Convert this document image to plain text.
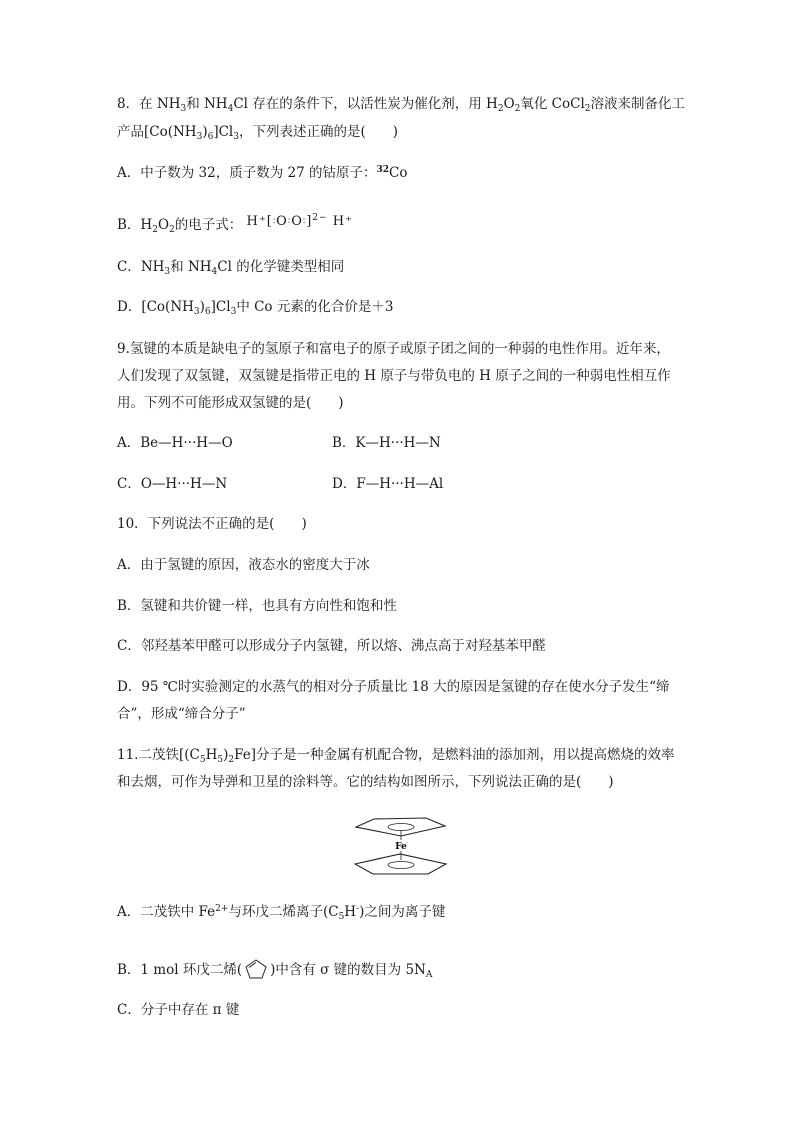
8．在 $NH_3$和 $NH_4Cl$ 存在的条件下，以活性炭为催化剂，用 $H_2O_2$氧化 CoCl$_2$溶液来制备化工
产品$[Co(NH_3)_6]Cl_3$，下列表述正确的是(　　)
A．中子数为 32，质子数为 27 的钴原子：$^{32}$Co
B．$H_2O_2$的电子式： H⁺[∶O∶O∶]$^{2-}$ H⁺
C．$NH_3$和 $NH_4Cl$ 的化学键类型相同
D．$[Co(NH_3)_6]Cl_3$中 Co 元素的化合价是＋3
9.氢键的本质是缺电子的氢原子和富电子的原子或原子团之间的一种弱的电性作用。近年来，
人们发现了双氢键，双氢键是指带正电的 H 原子与带负电的 H 原子之间的一种弱电性相互作
用。下列不可能形成双氢键的是(　　)
A．Be—H···H—O	B．K—H···H—N
C．O—H···H—N	D．F—H···H—Al
10．下列说法不正确的是(　　)
A．由于氢键的原因，液态水的密度大于冰
B．氢键和共价键一样，也具有方向性和饱和性
C．邻羟基苯甲醛可以形成分子内氢键，所以熔、沸点高于对羟基苯甲醛
D．95 ℃时实验测定的水蒸气的相对分子质量比 18 大的原因是氢键的存在使水分子发生“缔
合”，形成“缔合分子”
11.二茂铁$[(C_5H_5)_2Fe]$分子是一种金属有机配合物，是燃料油的添加剂，用以提高燃烧的效率
和去烟，可作为导弹和卫星的涂料等。它的结构如图所示，下列说法正确的是(　　)
Fe
A．二茂铁中 $Fe^{2+}$与环戊二烯离子$(C_5H^-)$之间为离子键
B．1 mol 环戊二烯( )中含有 σ 键的数目为 $5N_A$
C．分子中存在 π 键
